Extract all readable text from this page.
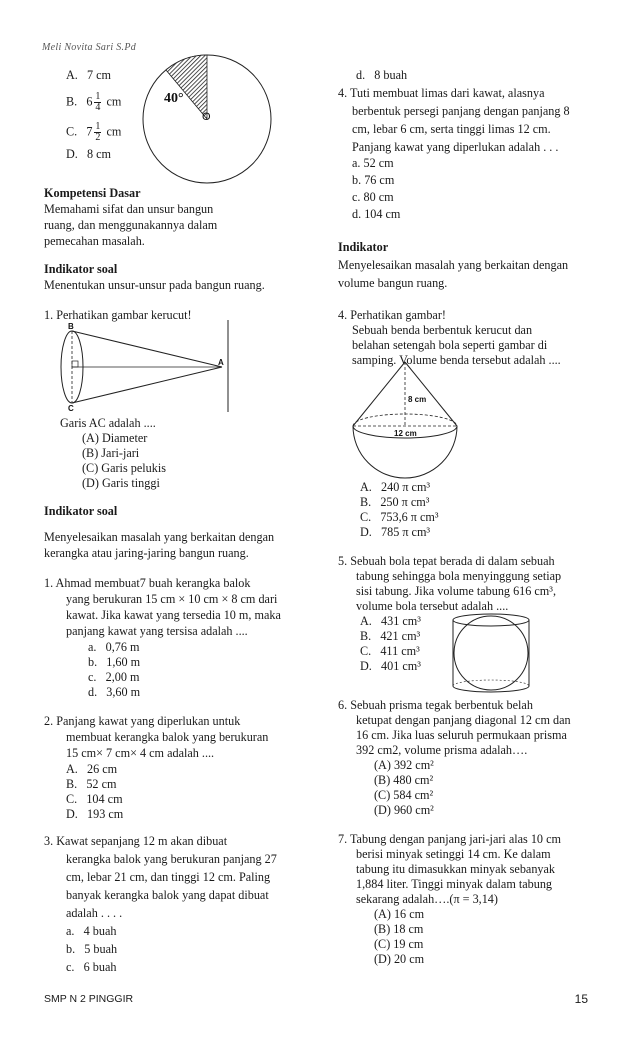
Meli Novita Sari S.Pd
A. 7 cm
B. $6 \frac{1}{4}$ cm
C. $7 \frac{1}{2}$ cm
D. 8 cm
40°
O
Kompetensi Dasar
Memahami sifat dan unsur bangun
ruang, dan menggunakannya dalam
pemecahan masalah.
Indikator soal
Menentukan unsur-unsur pada bangun ruang.
1. Perhatikan gambar kerucut!
B
C
A
Garis AC adalah ....
(A) Diameter
(B) Jari-jari
(C) Garis pelukis
(D) Garis tinggi
Indikator soal
Menyelesaikan masalah yang berkaitan dengan
kerangka atau jaring-jaring bangun ruang.
1. Ahmad membuat7 buah kerangka balok
yang berukuran 15 cm × 10 cm × 8 cm dari
kawat. Jika kawat yang tersedia 10 m, maka
panjang kawat yang tersisa adalah ....
a. 0,76 m
b. 1,60 m
c. 2,00 m
d. 3,60 m
2. Panjang kawat yang diperlukan untuk
membuat kerangka balok yang berukuran
15 cm× 7 cm× 4 cm adalah ....
A. 26 cm
B. 52 cm
C. 104 cm
D. 193 cm
3. Kawat sepanjang 12 m akan dibuat
kerangka balok yang berukuran panjang 27
cm, lebar 21 cm, dan tinggi 12 cm. Paling
banyak kerangka balok yang dapat dibuat
adalah . . . .
a. 4 buah
b. 5 buah
c. 6 buah
d. 8 buah
4. Tuti membuat limas dari kawat, alasnya
berbentuk persegi panjang dengan panjang 8
cm, lebar 6 cm, serta tinggi limas 12 cm.
Panjang kawat yang diperlukan adalah . . .
a. 52 cm
b. 76 cm
c. 80 cm
d. 104 cm
Indikator
Menyelesaikan masalah yang berkaitan dengan
volume bangun ruang.
4. Perhatikan gambar!
Sebuah benda berbentuk kerucut dan
belahan setengah bola seperti gambar di
samping. Volume benda tersebut adalah ....
8 cm
12 cm
A. 240 π cm³
B. 250 π cm³
C. 753,6 π cm³
D. 785 π cm³
5. Sebuah bola tepat berada di dalam sebuah
tabung sehingga bola menyinggung setiap
sisi tabung. Jika volume tabung 616 cm³,
volume bola tersebut adalah ....
A. 431 cm³
B. 421 cm³
C. 411 cm³
D. 401 cm³
6. Sebuah prisma tegak berbentuk belah
ketupat dengan panjang diagonal 12 cm dan
16 cm. Jika luas seluruh permukaan prisma
392 cm2, volume prisma adalah….
(A) 392 cm²
(B) 480 cm²
(C) 584 cm²
(D) 960 cm²
7. Tabung dengan panjang jari-jari alas 10 cm
berisi minyak setinggi 14 cm. Ke dalam
tabung itu dimasukkan minyak sebanyak
1,884 liter. Tinggi minyak dalam tabung
sekarang adalah….(π = 3,14)
(A) 16 cm
(B) 18 cm
(C) 19 cm
(D) 20 cm
SMP N 2 PINGGIR	15
